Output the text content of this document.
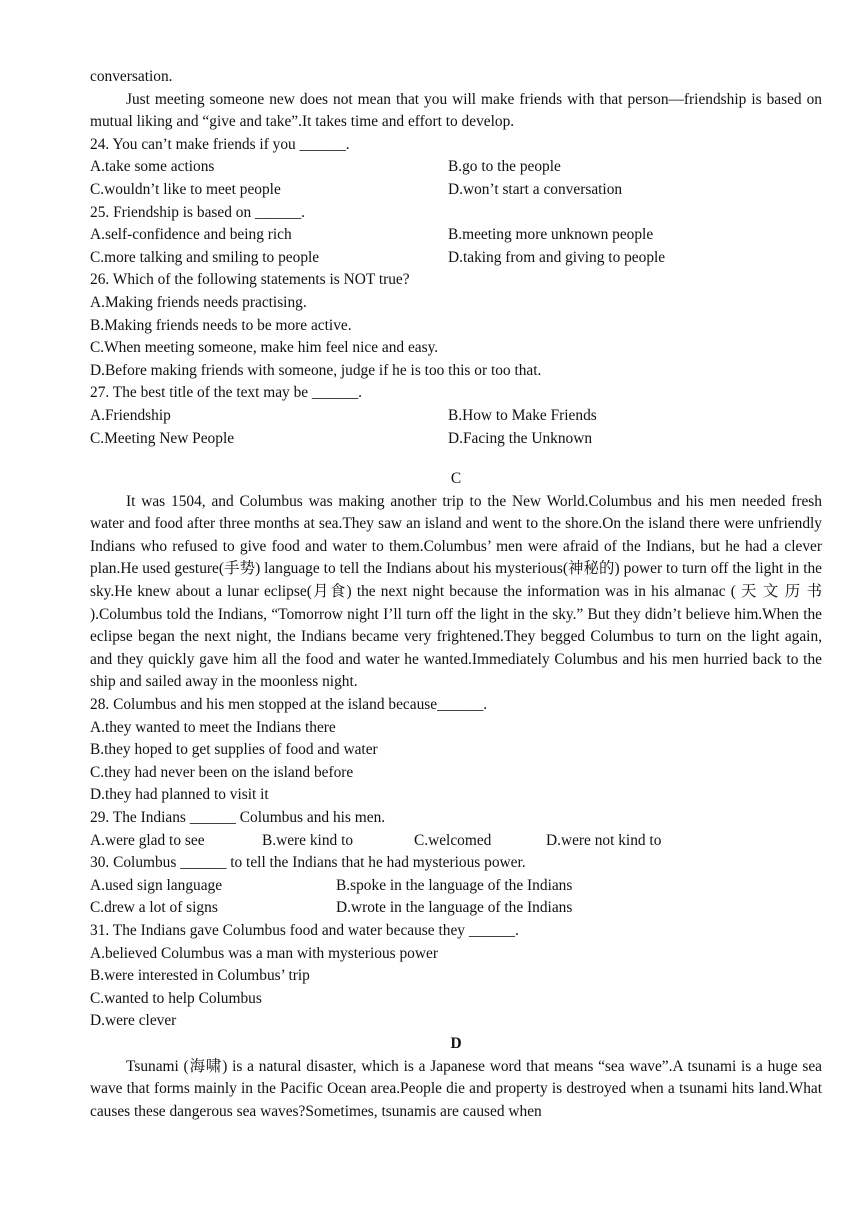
conversation.

Just meeting someone new does not mean that you will make friends with that person—friendship is based on mutual liking and “give and take”.It takes time and effort to develop.

24. You can’t make friends if you ______.

A.take some actions	B.go to the people
C.wouldn’t like to meet people	D.won’t start a conversation

25. Friendship is based on ______.

A.self-confidence and being rich	B.meeting more unknown people
C.more talking and smiling to people	D.taking from and giving to people

26. Which of the following statements is NOT true?

A.Making friends needs practising.

B.Making friends needs to be more active.

C.When meeting someone, make him feel nice and easy.

D.Before making friends with someone, judge if he is too this or too that.

27. The best title of the text may be ______.

A.Friendship	B.How to Make Friends
C.Meeting New People	D.Facing the Unknown

C

It was 1504, and Columbus was making another trip to the New World.Columbus and his men needed fresh water and food after three months at sea.They saw an island and went to the shore.On the island there were unfriendly Indians who refused to give food and water to them.Columbus’ men were afraid of the Indians, but he had a clever plan.He used gesture(手势) language to tell the Indians about his mysterious(神秘的) power to turn off the light in the sky.He knew about a lunar eclipse(月食) the next night because the information was in his almanac ( 天 文 历 书 ).Columbus told the Indians, “Tomorrow night I’ll turn off the light in the sky.” But they didn’t believe him.When the eclipse began the next night, the Indians became very frightened.They begged Columbus to turn on the light again, and they quickly gave him all the food and water he wanted.Immediately Columbus and his men hurried back to the ship and sailed away in the moonless night.

28. Columbus and his men stopped at the island because______.

A.they wanted to meet the Indians there

B.they hoped to get supplies of food and water

C.they had never been on the island before

D.they had planned to visit it

29. The Indians ______ Columbus and his men.

A.were glad to see	B.were kind to	C.welcomed	D.were not kind to

30. Columbus ______ to tell the Indians that he had mysterious power.

A.used sign language	B.spoke in the language of the Indians
C.drew a lot of signs	D.wrote in the language of the Indians

31. The Indians gave Columbus food and water because they ______.

A.believed Columbus was a man with mysterious power

B.were interested in Columbus’ trip

C.wanted to help Columbus

D.were clever

D

Tsunami (海啸) is a natural disaster, which is a Japanese word that means “sea wave”.A tsunami is a huge sea wave that forms mainly in the Pacific Ocean area.People die and property is destroyed when a tsunami hits land.What causes these dangerous sea waves?Sometimes, tsunamis are caused when
